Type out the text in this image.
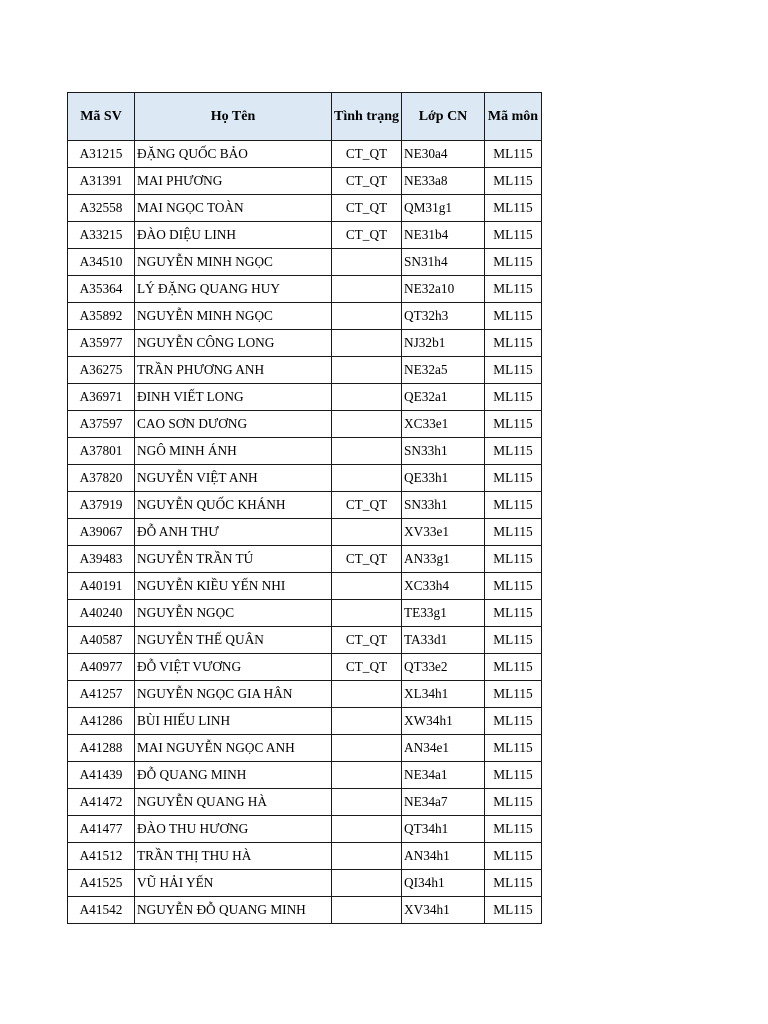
Mã SV	Họ Tên	Tình trạng	Lớp CN	Mã môn
A31215	ĐẶNG QUỐC BẢO	CT_QT	NE30a4	ML115
A31391	MAI PHƯƠNG	CT_QT	NE33a8	ML115
A32558	MAI NGỌC TOÀN	CT_QT	QM31g1	ML115
A33215	ĐÀO DIỆU LINH	CT_QT	NE31b4	ML115
A34510	NGUYỄN MINH NGỌC		SN31h4	ML115
A35364	LÝ ĐẶNG QUANG HUY		NE32a10	ML115
A35892	NGUYỄN MINH NGỌC		QT32h3	ML115
A35977	NGUYỄN CÔNG LONG		NJ32b1	ML115
A36275	TRẦN PHƯƠNG ANH		NE32a5	ML115
A36971	ĐINH VIẾT LONG		QE32a1	ML115
A37597	CAO SƠN DƯƠNG		XC33e1	ML115
A37801	NGÔ MINH ÁNH		SN33h1	ML115
A37820	NGUYỄN VIỆT ANH		QE33h1	ML115
A37919	NGUYỄN QUỐC KHÁNH	CT_QT	SN33h1	ML115
A39067	ĐỖ ANH THƯ		XV33e1	ML115
A39483	NGUYỄN TRẦN TÚ	CT_QT	AN33g1	ML115
A40191	NGUYỄN KIỀU YẾN NHI		XC33h4	ML115
A40240	NGUYỄN NGỌC		TE33g1	ML115
A40587	NGUYỄN THẾ QUÂN	CT_QT	TA33d1	ML115
A40977	ĐỖ VIỆT VƯƠNG	CT_QT	QT33e2	ML115
A41257	NGUYỄN NGỌC GIA HÂN		XL34h1	ML115
A41286	BÙI HIẾU LINH		XW34h1	ML115
A41288	MAI NGUYỄN NGỌC ANH		AN34e1	ML115
A41439	ĐỖ QUANG MINH		NE34a1	ML115
A41472	NGUYỄN QUANG HÀ		NE34a7	ML115
A41477	ĐÀO THU HƯƠNG		QT34h1	ML115
A41512	TRẦN THỊ THU HÀ		AN34h1	ML115
A41525	VŨ HẢI YẾN		QI34h1	ML115
A41542	NGUYỄN ĐỖ QUANG MINH		XV34h1	ML115
